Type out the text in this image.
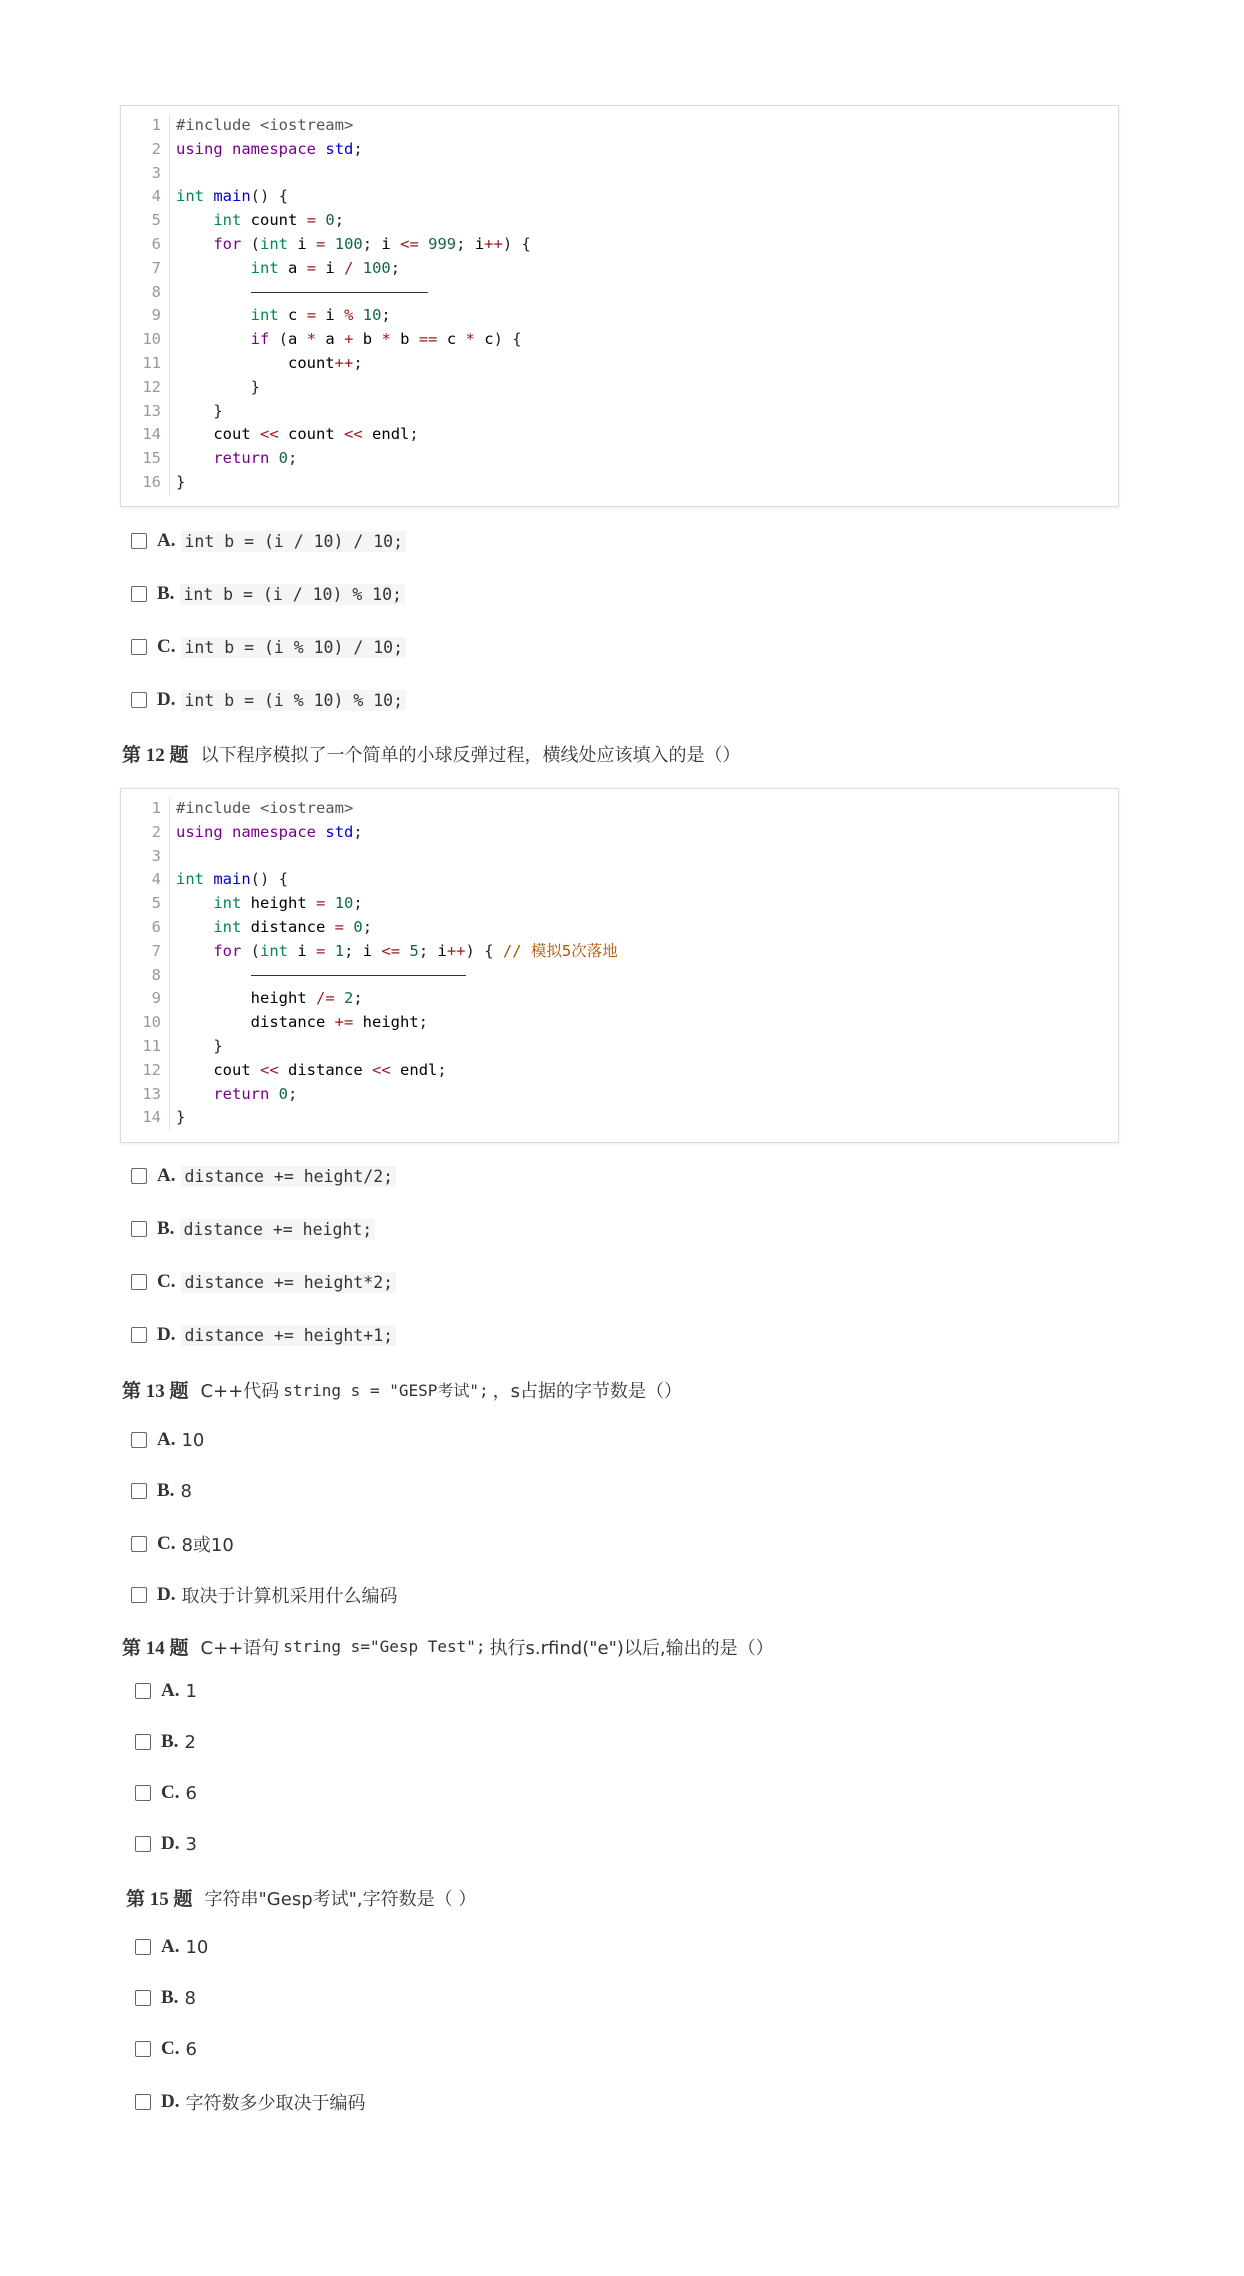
1 #include <iostream>
2 using namespace std;
3
4 int main() {
5	int count = 0;
6	for (int i = 100; i <= 999; i++) {
7	int a = i / 100;
8

9	int c = i % 10;
10	if (a * a + b * b == c * c) {
11	count++;
12	}
13	}
14	cout << count << endl;
15	return 0;
16 }
A. int b = (i / 10) / 10;
B. int b = (i / 10) % 10;
C. int b = (i % 10) / 10;
D. int b = (i % 10) % 10;
第 12 题 以下程序模拟了一个简单的小球反弹过程，横线处应该填入的是（）
1 #include <iostream>
2 using namespace std;
3
4 int main() {
5	int height = 10;
6	int distance = 0;
7	for (int i = 1; i <= 5; i++) { // 模拟5次落地
8

9	height /= 2;
10	distance += height;
11	}
12	cout << distance << endl;
13	return 0;
14 }
A. distance += height/2;
B. distance += height;
C. distance += height*2;
D. distance += height+1;
第 13 题 C++代码 string s = "GESP考试"; ，s占据的字节数是（）
A. 10
B. 8
C. 8或10
D. 取决于计算机采用什么编码
第 14 题 C++语句 string s="Gesp Test"; 执行s.rfind("e")以后,输出的是（）
A. 1
B. 2
C. 6
D. 3
第 15 题 字符串"Gesp考试",字符数是（ ）
A. 10
B. 8
C. 6
D. 字符数多少取决于编码
